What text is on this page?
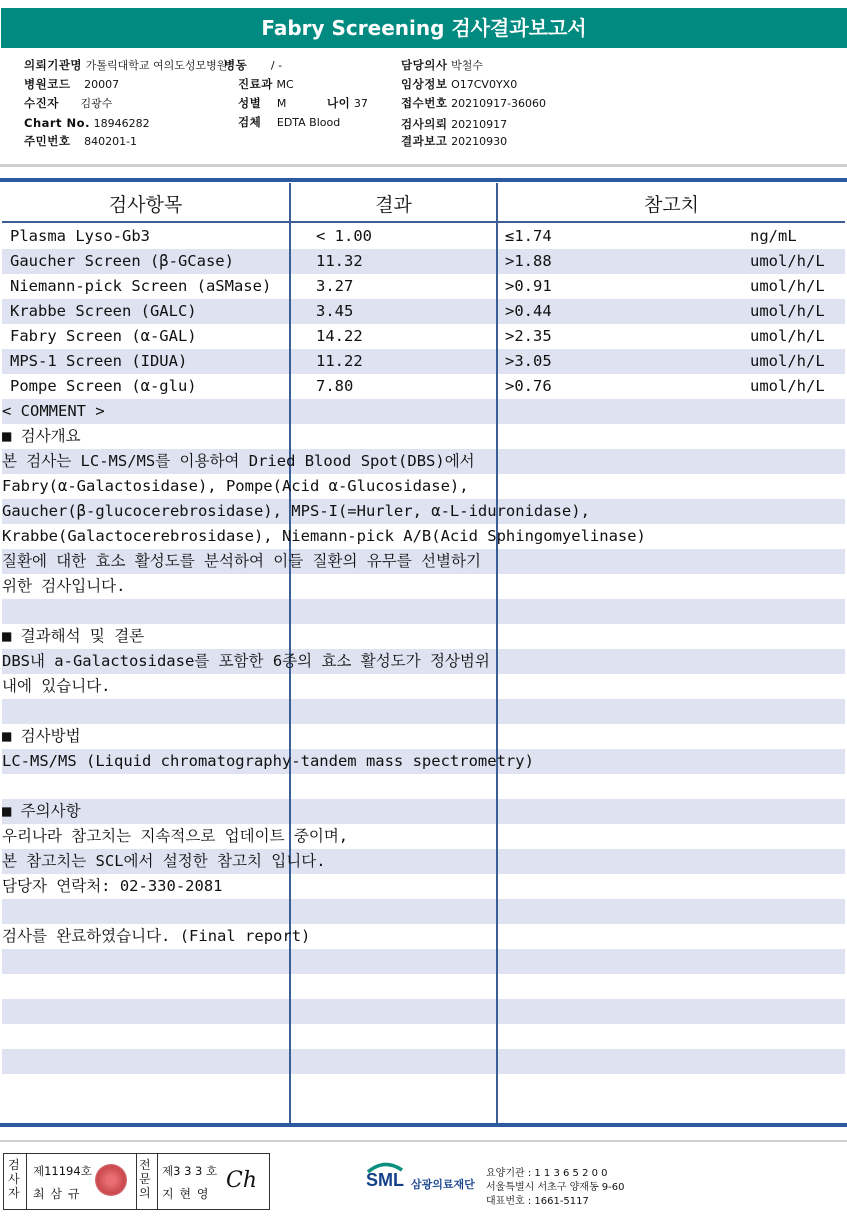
Fabry Screening 검사결과보고서
의뢰기관명 가톨릭대학교 여의도성모병원
병동 / -	담당의사 박철수
병원코드 20007	진료과 MC	임상정보 O17CV0YX0
수진자 김광수	성별 M	나이 37	접수번호 20210917-36060
Chart No. 18946282	검체 EDTA Blood	검사의뢰 20210917
주민번호 840201-1	결과보고 20210930
검사항목	결과	참고치
Plasma Lyso-Gb3	< 1.00	≤1.74	ng/mL
Gaucher Screen (β-GCase)	11.32	>1.88	umol/h/L
Niemann-pick Screen (aSMase)	3.27	>0.91	umol/h/L
Krabbe Screen (GALC)	3.45	>0.44	umol/h/L
Fabry Screen (α-GAL)	14.22	>2.35	umol/h/L
MPS-1 Screen (IDUA)	11.22	>3.05	umol/h/L
Pompe Screen (α-glu)	7.80	>0.76	umol/h/L
< COMMENT >
■ 검사개요
본 검사는 LC-MS/MS를 이용하여 Dried Blood Spot(DBS)에서
Fabry(α-Galactosidase), Pompe(Acid α-Glucosidase),
Gaucher(β-glucocerebrosidase), MPS-I(=Hurler, α-L-iduronidase),
Krabbe(Galactocerebrosidase), Niemann-pick A/B(Acid Sphingomyelinase)
질환에 대한 효소 활성도를 분석하여 이들 질환의 유무를 선별하기
위한 검사입니다.
■ 결과해석 및 결론
DBS내 a-Galactosidase를 포함한 6종의 효소 활성도가 정상범위
내에 있습니다.
■ 검사방법
LC-MS/MS (Liquid chromatography-tandem mass spectrometry)
■ 주의사항
우리나라 참고치는 지속적으로 업데이트 중이며,
본 참고치는 SCL에서 설정한 참고치 입니다.
담당자 연락처: 02-330-2081
검사를 완료하였습니다. (Final report)
검사자
제11194호
최 삼 규
전문의
제3 3 3 호
지 현 영
Ch	SML 삼광의료재단
요양기관 : 1 1 3 6 5 2 0 0
서울특별시 서초구 양재동 9-60
대표번호 : 1661-5117
